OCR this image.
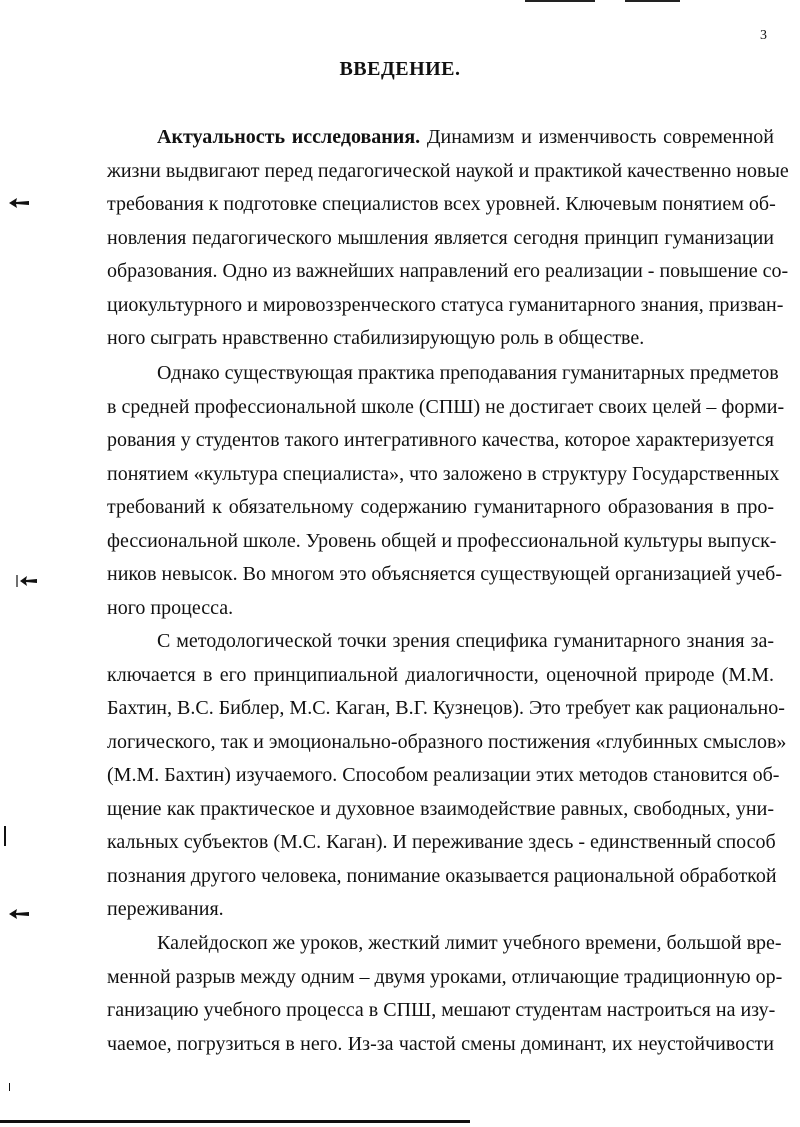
3
ВВЕДЕНИЕ.
Актуальность исследования. Динамизм и изменчивость современной
жизни выдвигают перед педагогической наукой и практикой качественно новые
требования к подготовке специалистов всех уровней. Ключевым понятием об-
новления педагогического мышления является сегодня принцип гуманизации
образования. Одно из важнейших направлений его реализации - повышение со-
циокультурного и мировоззренческого статуса гуманитарного знания, призван-
ного сыграть нравственно стабилизирующую роль в обществе.
Однако существующая практика преподавания гуманитарных предметов
в средней профессиональной школе (СПШ) не достигает своих целей – форми-
рования у студентов такого интегративного качества, которое характеризуется
понятием «культура специалиста», что заложено в структуру Государственных
требований к обязательному содержанию гуманитарного образования в про-
фессиональной школе. Уровень общей и профессиональной культуры выпуск-
ников невысок. Во многом это объясняется существующей организацией учеб-
ного процесса.
С методологической точки зрения специфика гуманитарного знания за-
ключается в его принципиальной диалогичности, оценочной природе (М.М.
Бахтин, В.С. Библер, М.С. Каган, В.Г. Кузнецов). Это требует как рационально-
логического, так и эмоционально-образного постижения «глубинных смыслов»
(М.М. Бахтин) изучаемого. Способом реализации этих методов становится об-
щение как практическое и духовное взаимодействие равных, свободных, уни-
кальных субъектов (М.С. Каган). И переживание здесь - единственный способ
познания другого человека, понимание оказывается рациональной обработкой
переживания.
Калейдоскоп же уроков, жесткий лимит учебного времени, большой вре-
менной разрыв между одним – двумя уроками, отличающие традиционную ор-
ганизацию учебного процесса в СПШ, мешают студентам настроиться на изу-
чаемое, погрузиться в него. Из-за частой смены доминант, их неустойчивости
